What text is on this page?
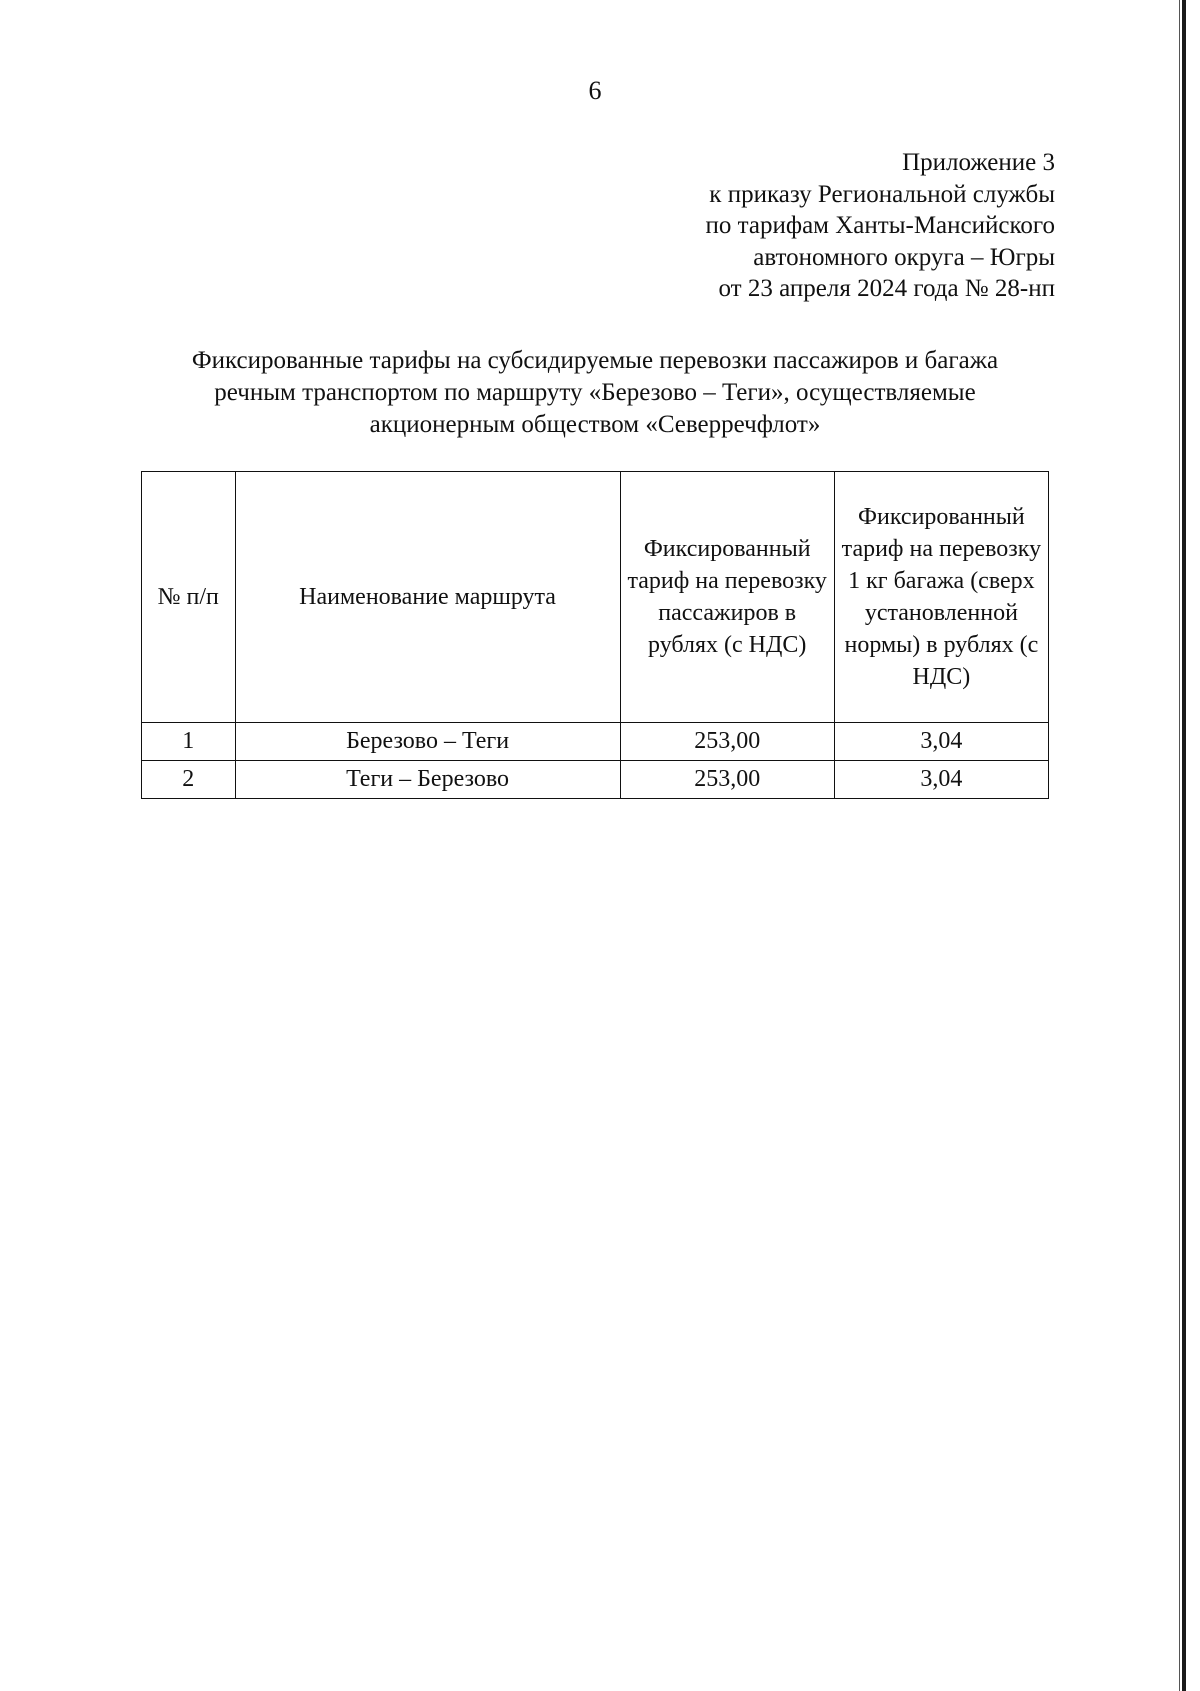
6
Приложение 3
к приказу Региональной службы
по тарифам Ханты-Мансийского
автономного округа – Югры
от 23 апреля 2024 года № 28-нп
Фиксированные тарифы на субсидируемые перевозки пассажиров и багажа
речным транспортом по маршруту «Березово – Теги», осуществляемые
акционерным обществом «Северречфлот»
№ п/п	Наименование маршрута	Фиксированный тариф на перевозку пассажиров в рублях (с НДС)	Фиксированный тариф на перевозку 1 кг багажа (сверх установленной нормы) в рублях (с НДС)
1	Березово – Теги	253,00	3,04
2	Теги – Березово	253,00	3,04
